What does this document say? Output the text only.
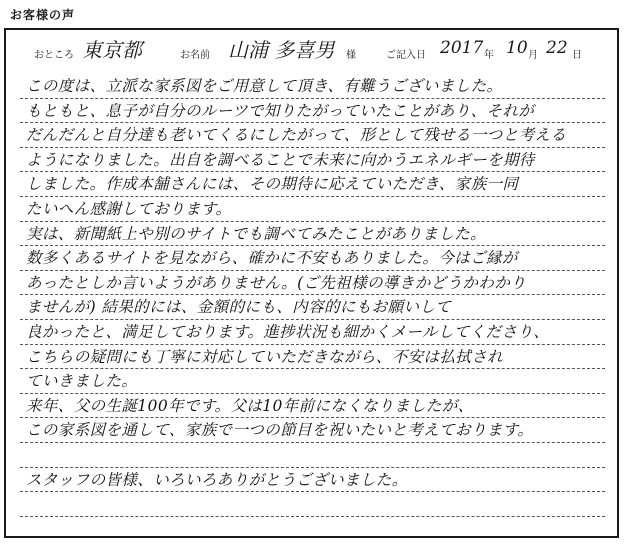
お客様の声
おところ 東京都	お名前 山浦 多喜男 様	ご記入日 2017 年 10 月 22 日
この度は、立派な家系図をご用意して頂き、有難うございました。
もともと、息子が自分のルーツで知りたがっていたことがあり、それが
だんだんと自分達も老いてくるにしたがって、形として残せる一つと考える
ようになりました。出自を調べることで未来に向かうエネルギーを期待
しました。作成本舗さんには、その期待に応えていただき、家族一同
たいへん感謝しております。
実は、新聞紙上や別のサイトでも調べてみたことがありました。
数多くあるサイトを見ながら、確かに不安もありました。今はご縁が
あったとしか言いようがありません。(ご先祖様の導きかどうかわかり
ませんが) 結果的には、金額的にも、内容的にもお願いして
良かったと、満足しております。進捗状況も細かくメールしてくださり、
こちらの疑問にも丁寧に対応していただきながら、不安は払拭され
ていきました。
来年、父の生誕100年です。父は10年前になくなりましたが、
この家系図を通して、家族で一つの節目を祝いたいと考えております。
スタッフの皆様、いろいろありがとうございました。
